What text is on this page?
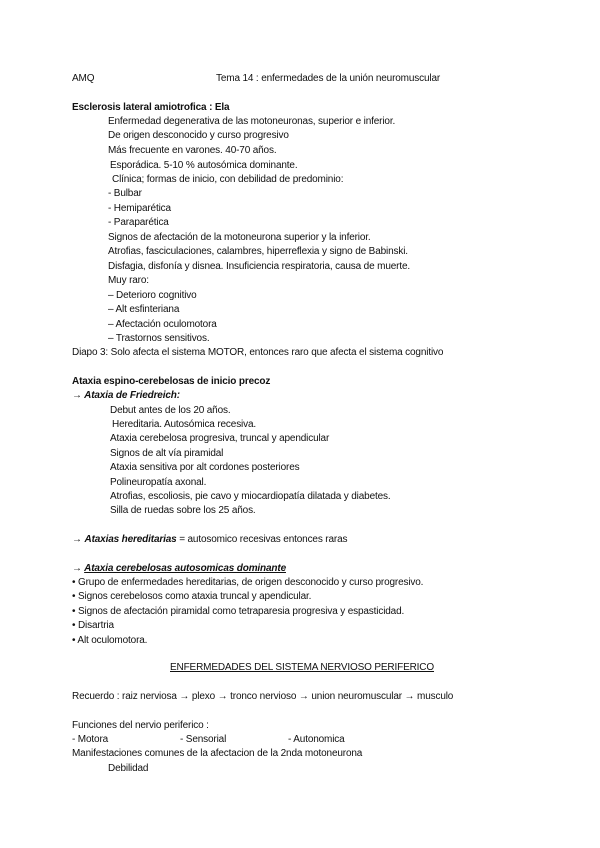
AMQ	Tema 14 : enfermedades de la unión neuromuscular
Esclerosis lateral amiotrofica : Ela
Enfermedad degenerativa de las motoneuronas, superior e inferior.
De origen desconocido y curso progresivo
Más frecuente en varones. 40-70 años.
Esporádica. 5-10 % autosómica dominante.
Clínica; formas de inicio, con debilidad de predominio:
- Bulbar
- Hemiparética
- Paraparética
Signos de afectación de la motoneurona superior y la inferior.
Atrofias, fasciculaciones, calambres, hiperreflexia y signo de Babinski.
Disfagia, disfonía y disnea. Insuficiencia respiratoria, causa de muerte.
Muy raro:
– Deterioro cognitivo
– Alt esfinteriana
– Afectación oculomotora
– Trastornos sensitivos.
Diapo 3: Solo afecta el sistema MOTOR, entonces raro que afecta el sistema cognitivo
Ataxia espino-cerebelosas de inicio precoz
→ Ataxia de Friedreich:
Debut antes de los 20 años.
Hereditaria. Autosómica recesiva.
Ataxia cerebelosa progresiva, truncal y apendicular
Signos de alt vía piramidal
Ataxia sensitiva por alt cordones posteriores
Polineuropatía axonal.
Atrofias, escoliosis, pie cavo y miocardiopatía dilatada y diabetes.
Silla de ruedas sobre los 25 años.
→ Ataxias hereditarias = autosomico recesivas entonces raras
→ Ataxia cerebelosas autosomicas dominante
• Grupo de enfermedades hereditarias, de origen desconocido y curso progresivo.
• Signos cerebelosos como ataxia truncal y apendicular.
• Signos de afectación piramidal como tetraparesia progresiva y espasticidad.
• Disartria
• Alt oculomotora.
ENFERMEDADES DEL SISTEMA NERVIOSO PERIFERICO
Recuerdo : raiz nerviosa → plexo → tronco nervioso → union neuromuscular → musculo
Funciones del nervio periferico :
- Motora	- Sensorial	- Autonomica
Manifestaciones comunes de la afectacion de la 2nda motoneurona
Debilidad
